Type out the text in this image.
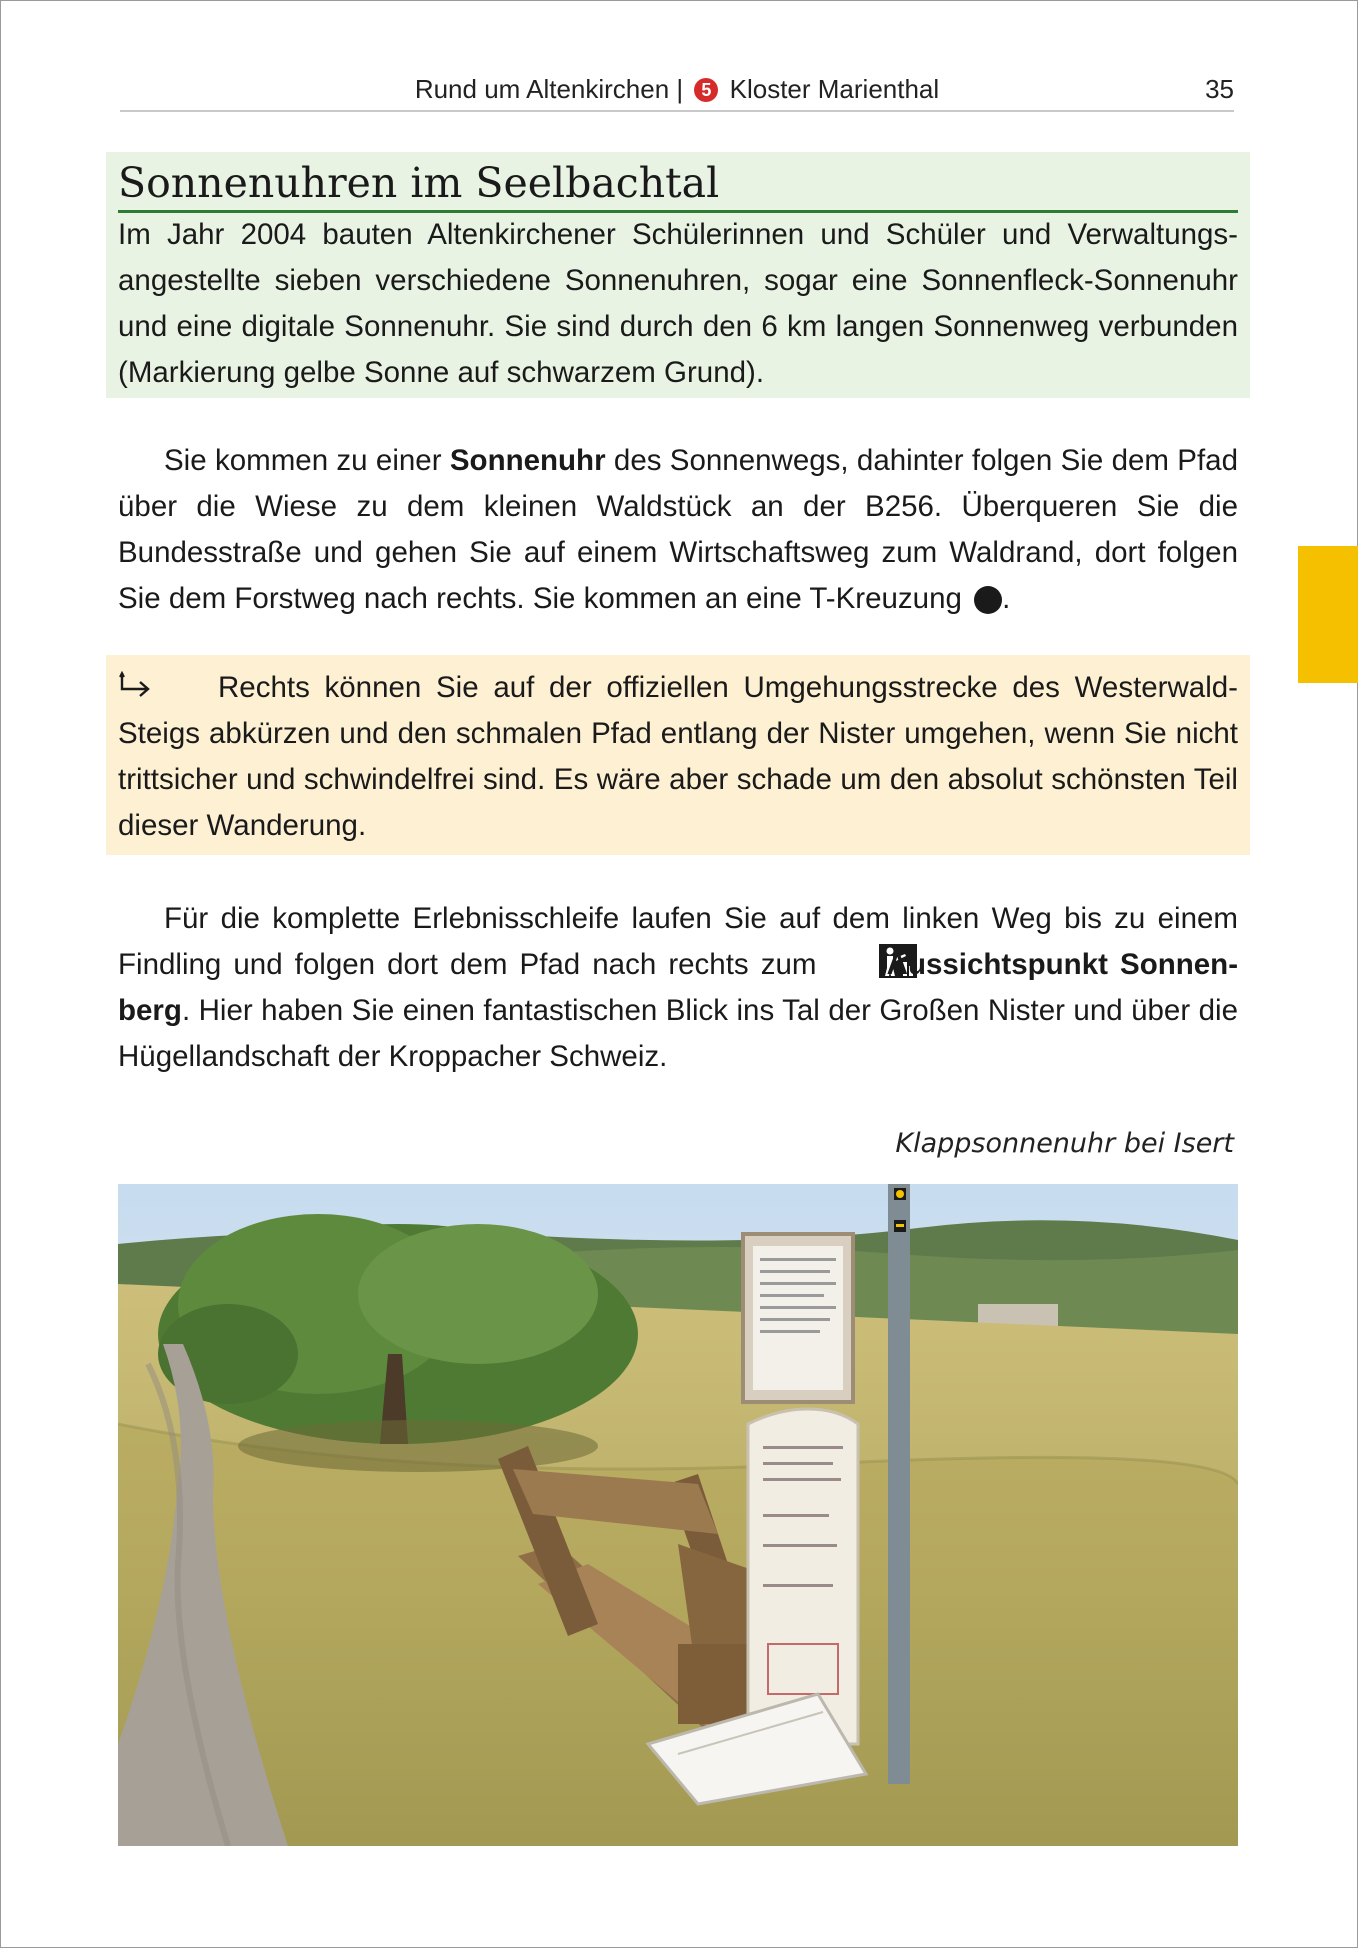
Rund um Altenkirchen | 5 Kloster Marienthal	35
Sonnenuhren im Seelbachtal
Im Jahr 2004 bauten Altenkirchener Schülerinnen und Schüler und Verwaltungsangestellte sieben verschiedene Sonnenuhren, sogar eine Sonnenfleck-Sonnenuhr und eine digitale Sonnenuhr. Sie sind durch den 6 km langen Sonnenweg verbunden (Markierung gelbe Sonne auf schwarzem Grund).
Sie kommen zu einer Sonnenuhr des Sonnenwegs, dahinter folgen Sie dem Pfad über die Wiese zu dem kleinen Waldstück an der B256. Überqueren Sie die Bundesstraße und gehen Sie auf einem Wirtschaftsweg zum Waldrand, dort folgen Sie dem Forstweg nach rechts. Sie kommen an eine T-Kreuzung	2.
Rechts können Sie auf der offiziellen Umgehungsstrecke des Westerwald-Steigs abkürzen und den schmalen Pfad entlang der Nister umgehen, wenn Sie nicht trittsicher und schwindelfrei sind. Es wäre aber schade um den absolut schönsten Teil dieser Wanderung.
Für die komplette Erlebnisschleife laufen Sie auf dem linken Weg bis zu einem Findling und folgen dort dem Pfad nach rechts zum Aussichtspunkt Sonnenberg. Hier haben Sie einen fantastischen Blick ins Tal der Großen Nister und über die Hügellandschaft der Kroppacher Schweiz.
Klappsonnenuhr bei Isert
